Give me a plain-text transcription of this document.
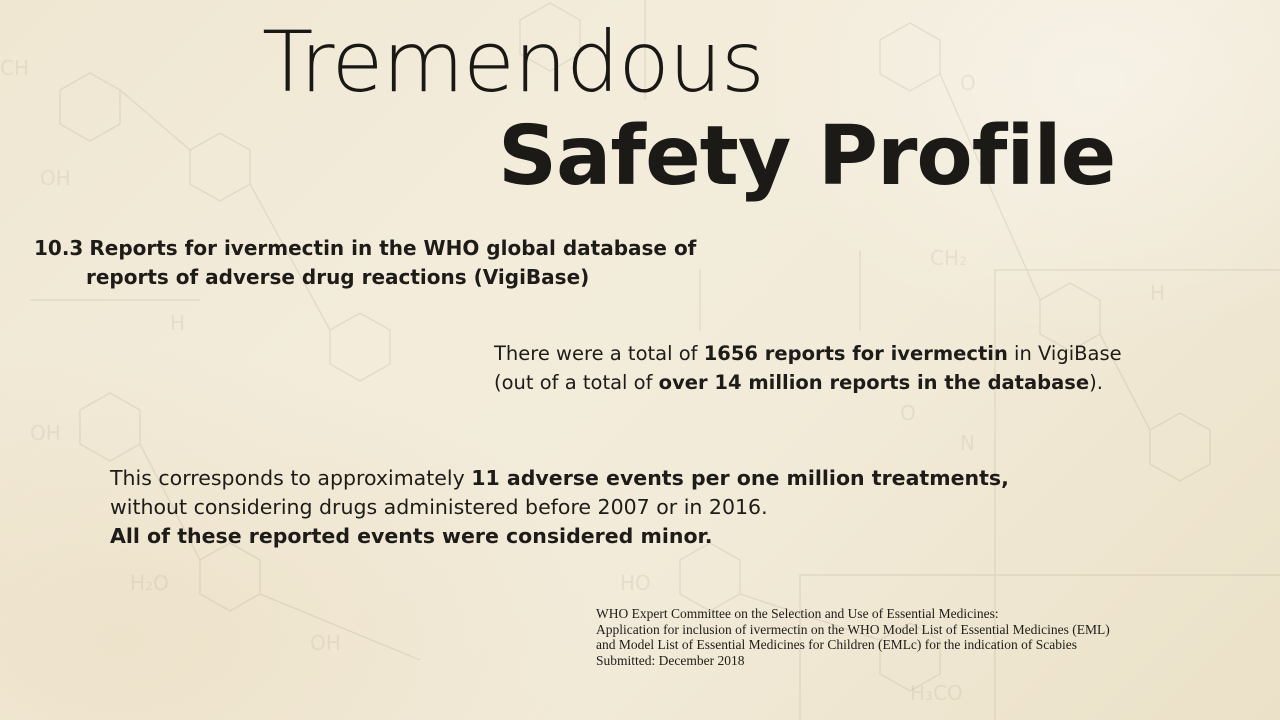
CH
OH
H
OH
H₂O
OH
O
CH₂
H
O
N
HO
H₃CO
Tremendous
Safety Profile
10.3 Reports for ivermectin in the WHO global database of
reports of adverse drug reactions (VigiBase)

There were a total of 1656 reports for ivermectin in VigiBase
(out of a total of over 14 million reports in the database).

This corresponds to approximately 11 adverse events per one million treatments,
without considering drugs administered before 2007 or in 2016.
All of these reported events were considered minor.

WHO Expert Committee on the Selection and Use of Essential Medicines:
Application for inclusion of ivermectin on the WHO Model List of Essential Medicines (EML)
and Model List of Essential Medicines for Children (EMLc) for the indication of Scabies
Submitted: December 2018
